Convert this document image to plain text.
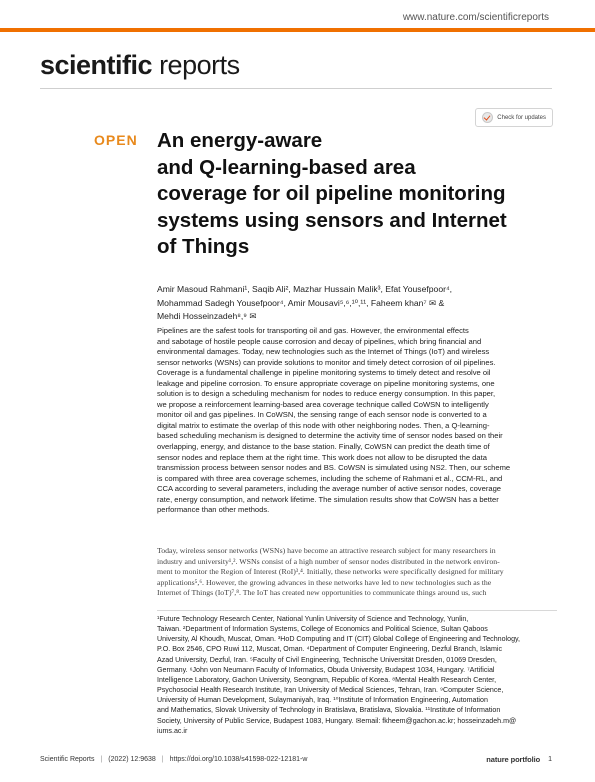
www.nature.com/scientificreports
scientific reports
Check for updates
OPEN An energy-aware
and Q-learning-based area
coverage for oil pipeline monitoring
systems using sensors and Internet
of Things
Amir Masoud Rahmani¹, Saqib Ali², Mazhar Hussain Malik³, Efat Yousefpoor⁴,
Mohammad Sadegh Yousefpoor⁴, Amir Mousavi⁵,⁶,¹⁰,¹¹, Faheem khan⁷ ✉ &
Mehdi Hosseinzadeh⁸,⁹ ✉
Pipelines are the safest tools for transporting oil and gas. However, the environmental effects
and sabotage of hostile people cause corrosion and decay of pipelines, which bring financial and
environmental damages. Today, new technologies such as the Internet of Things (IoT) and wireless
sensor networks (WSNs) can provide solutions to monitor and timely detect corrosion of oil pipelines.
Coverage is a fundamental challenge in pipeline monitoring systems to timely detect and resolve oil
leakage and pipeline corrosion. To ensure appropriate coverage on pipeline monitoring systems, one
solution is to design a scheduling mechanism for nodes to reduce energy consumption. In this paper,
we propose a reinforcement learning-based area coverage technique called CoWSN to intelligently
monitor oil and gas pipelines. In CoWSN, the sensing range of each sensor node is converted to a
digital matrix to estimate the overlap of this node with other neighboring nodes. Then, a Q-learning-
based scheduling mechanism is designed to determine the activity time of sensor nodes based on their
overlapping, energy, and distance to the base station. Finally, CoWSN can predict the death time of
sensor nodes and replace them at the right time. This work does not allow to be disrupted the data
transmission process between sensor nodes and BS. CoWSN is simulated using NS2. Then, our scheme
is compared with three area coverage schemes, including the scheme of Rahmani et al., CCM-RL, and
CCA according to several parameters, including the average number of active sensor nodes, coverage
rate, energy consumption, and network lifetime. The simulation results show that CoWSN has a better
performance than other methods.
Today, wireless sensor networks (WSNs) have become an attractive research subject for many researchers in
industry and university¹,². WSNs consist of a high number of sensor nodes distributed in the network environ-
ment to monitor the Region of Interest (RoI)³,⁴. Initially, these networks were specifically designed for military
applications⁵,⁶. However, the growing advances in these networks have led to new technologies such as the
Internet of Things (IoT)⁷,⁸. The IoT has created new opportunities to communicate things around us, such
¹Future Technology Research Center, National Yunlin University of Science and Technology, Yunlin,
Taiwan. ²Department of Information Systems, College of Economics and Political Science, Sultan Qaboos
University, Al Khoudh, Muscat, Oman. ³HoD Computing and IT (CIT) Global College of Engineering and Technology,
P.O. Box 2546, CPO Ruwi 112, Muscat, Oman. ⁴Department of Computer Engineering, Dezful Branch, Islamic
Azad University, Dezful, Iran. ⁵Faculty of Civil Engineering, Technische Universität Dresden, 01069 Dresden,
Germany. ⁶John von Neumann Faculty of Informatics, Obuda University, Budapest 1034, Hungary. ⁷Artificial
Intelligence Laboratory, Gachon University, Seongnam, Republic of Korea. ⁸Mental Health Research Center,
Psychosocial Health Research Institute, Iran University of Medical Sciences, Tehran, Iran. ⁹Computer Science,
University of Human Development, Sulaymaniyah, Iraq. ¹⁰Institute of Information Engineering, Automation
and Mathematics, Slovak University of Technology in Bratislava, Bratislava, Slovakia. ¹¹Institute of Information
Society, University of Public Service, Budapest 1083, Hungary. ✉email: fkheem@gachon.ac.kr; hosseinzadeh.m@
iums.ac.ir
Scientific Reports | (2022) 12:9638 | https://doi.org/10.1038/s41598-022-12181-w	nature portfolio 1
